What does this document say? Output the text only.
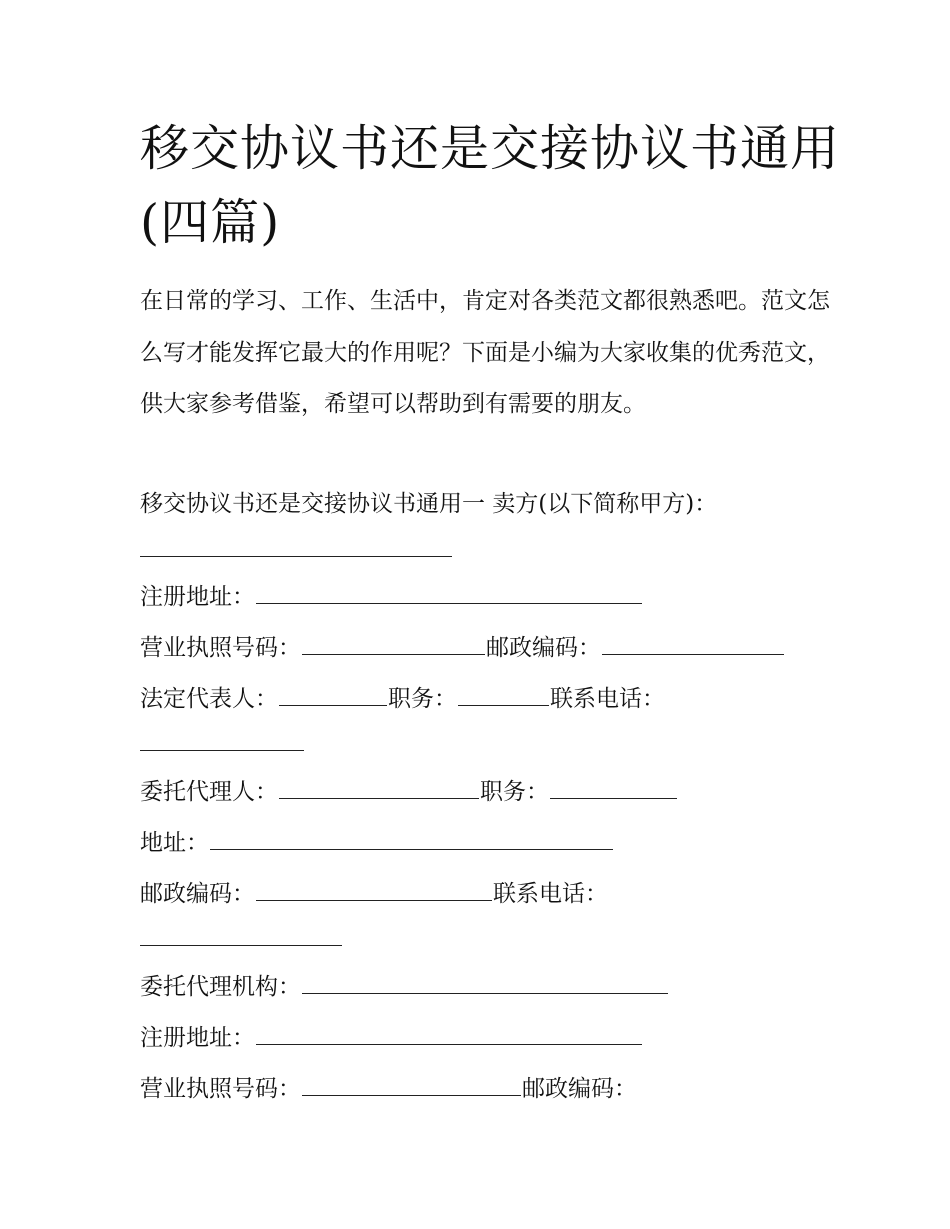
移交协议书还是交接协议书通用(四篇)

在日常的学习、工作、生活中，肯定对各类范文都很熟悉吧。范文怎么写才能发挥它最大的作用呢？下面是小编为大家收集的优秀范文，供大家参考借鉴，希望可以帮助到有需要的朋友。

移交协议书还是交接协议书通用一 卖方(以下简称甲方)：
注册地址：
营业执照号码：	邮政编码：
法定代表人：	职务：	联系电话：
委托代理人：	职务：
地址：
邮政编码：	联系电话：
委托代理机构：
注册地址：
营业执照号码：	邮政编码：
